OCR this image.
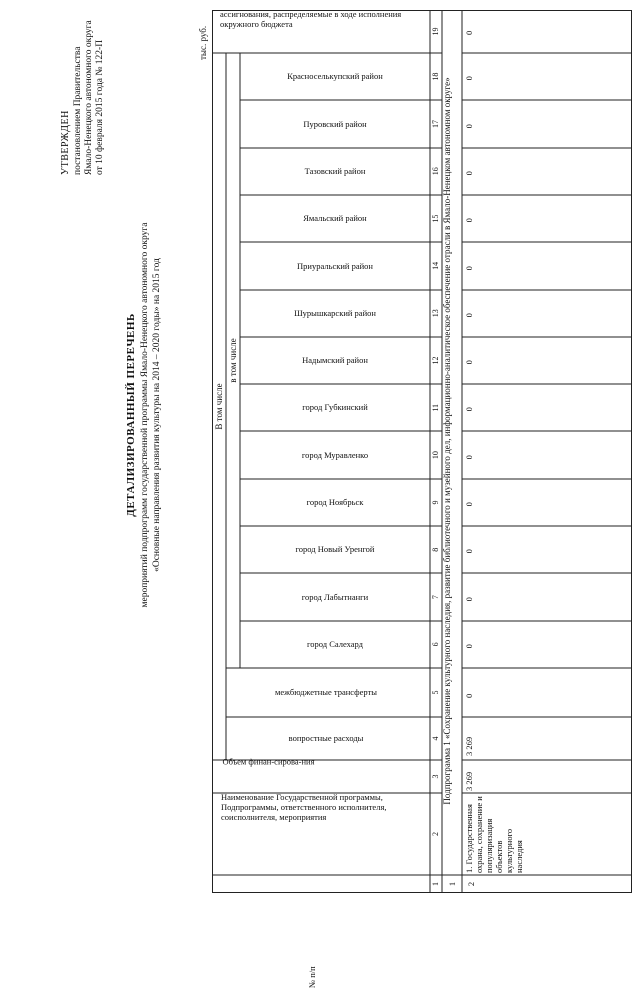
УТВЕРЖДЕН постановлением Правительства Ямало-Ненецкого автономного округа от 10 февраля 2015 года № 122-П
ДЕТАЛИЗИРОВАННЫЙ ПЕРЕЧЕНЬ мероприятий подпрограмм государственной программы Ямало-Ненецкого автономного округа «Основные направления развития культуры на 2014 – 2020 годы» на 2015 год
тыс. руб.
№ п/п
Наименование Государственной программы, Подпрограммы, ответственного исполнителя, соисполнителя, мероприятия
Объем финан-сирова-ния
В том числе
вопростные расходы
межбюджетные трансферты
в том числе
город Салехард
город Лабытнанги
город Новый Уренгой
город Ноябрьск
город Муравленко
город Губкинский
Надымский район
Шурышкарский район
Приуральский район
Ямальский район
Тазовский район
Пуровский район
Красноселькупский район
ассигнования, распределяемые в ходе исполнения окружного бюджета
1
2
3
4
5
6
7
8
9
10
11
12
13
14
15
16
17
18
19
1
Подпрограмма 1 «Сохранение культурного наследия, развитие библиотечного и музейного дел, информационно-аналитическое обеспечение отрасли в Ямало-Ненецком автономном округе»
2
1. Государственная охрана, сохранение и популяризация объектов культурного наследия
3 269
3 269
0
0
0
0
0
0
0
0
0
0
0
0
0
0
0
